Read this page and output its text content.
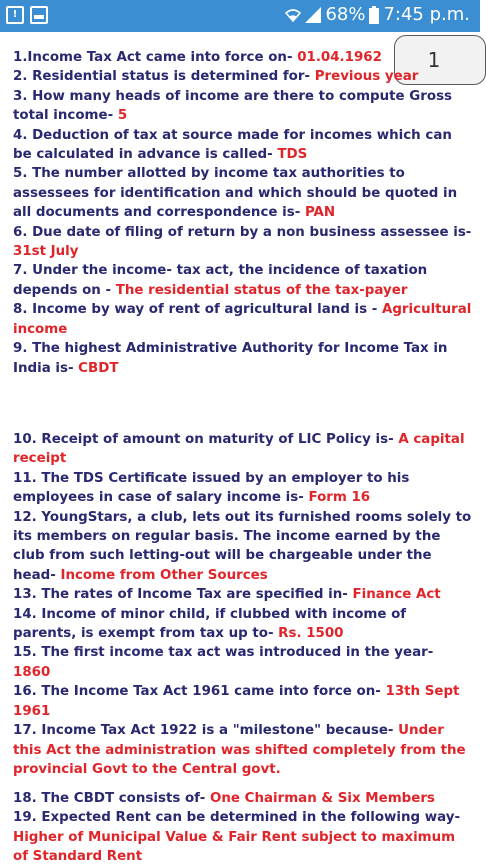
!	68% 7:45 p.m.
1
1.Income Tax Act came into force on- 01.04.1962
2. Residential status is determined for- Previous year
3. How many heads of income are there to compute Gross total income- 5
4. Deduction of tax at source made for incomes which can be calculated in advance is called- TDS
5. The number allotted by income tax authorities to assessees for identification and which should be quoted in all documents and correspondence is- PAN
6. Due date of filing of return by a non business assessee is- 31st July
7. Under the income- tax act, the incidence of taxation depends on - The residential status of the tax-payer
8. Income by way of rent of agricultural land is - Agricultural income
9. The highest Administrative Authority for Income Tax in India is- CBDT
10. Receipt of amount on maturity of LIC Policy is- A capital receipt
11. The TDS Certificate issued by an employer to his employees in case of salary income is- Form 16
12. YoungStars, a club, lets out its furnished rooms solely to its members on regular basis. The income earned by the club from such letting-out will be chargeable under the head- Income from Other Sources
13. The rates of Income Tax are specified in- Finance Act
14. Income of minor child, if clubbed with income of parents, is exempt from tax up to- Rs. 1500
15. The first income tax act was introduced in the year- 1860
16. The Income Tax Act 1961 came into force on- 13th Sept 1961
17. Income Tax Act 1922 is a "milestone" because- Under this Act the administration was shifted completely from the provincial Govt to the Central govt.
18. The CBDT consists of- One Chairman & Six Members
19. Expected Rent can be determined in the following way- Higher of Municipal Value & Fair Rent subject to maximum of Standard Rent
